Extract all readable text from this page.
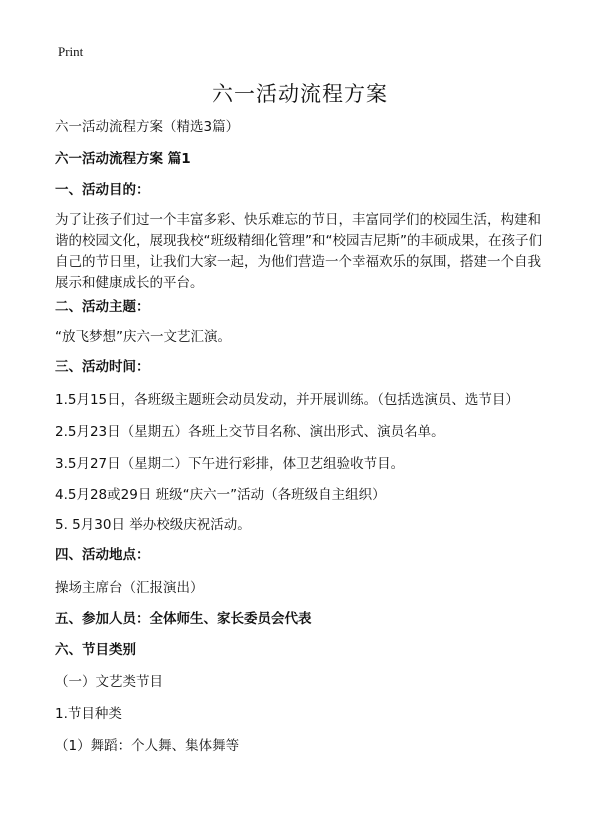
Print
六一活动流程方案
六一活动流程方案（精选3篇）
六一活动流程方案 篇1
一、活动目的：
为了让孩子们过一个丰富多彩、快乐难忘的节日，丰富同学们的校园生活，构建和
谐的校园文化，展现我校“班级精细化管理”和“校园吉尼斯”的丰硕成果，在孩子们
自己的节日里，让我们大家一起，为他们营造一个幸福欢乐的氛围，搭建一个自我
展示和健康成长的平台。
二、活动主题：
“放飞梦想”庆六一文艺汇演。
三、活动时间：
1.5月15日，各班级主题班会动员发动，并开展训练。（包括选演员、选节目）
2.5月23日（星期五）各班上交节目名称、演出形式、演员名单。
3.5月27日（星期二）下午进行彩排，体卫艺组验收节目。
4.5月28或29日 班级“庆六一”活动（各班级自主组织）
5. 5月30日 举办校级庆祝活动。
四、活动地点：
操场主席台（汇报演出）
五、参加人员：全体师生、家长委员会代表
六、节目类别
（一）文艺类节目
1.节目种类
（1）舞蹈：个人舞、集体舞等
